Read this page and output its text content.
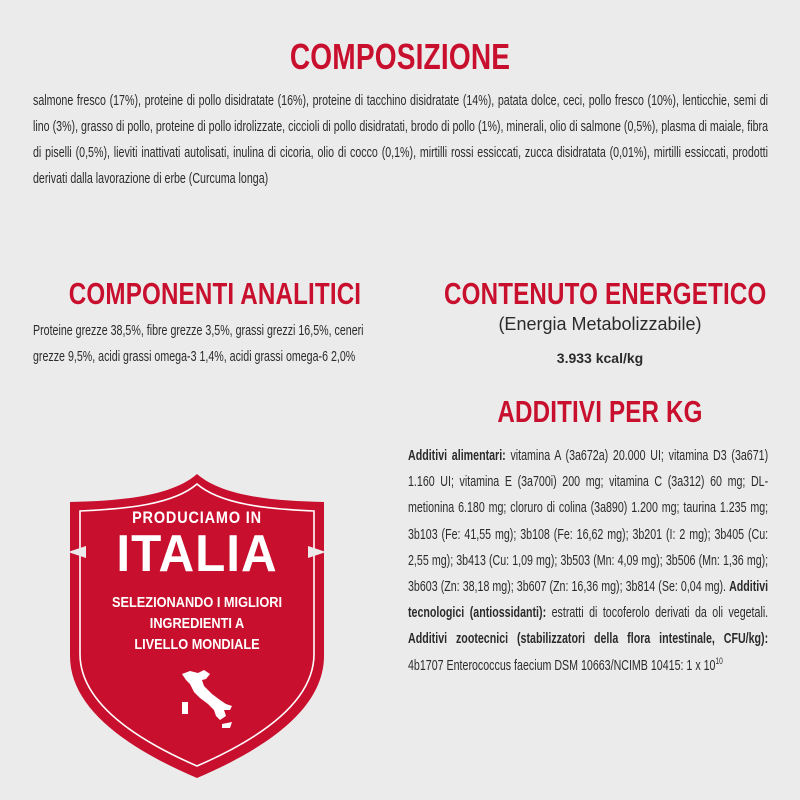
COMPOSIZIONE

salmone fresco (17%), proteine di pollo disidratate (16%), proteine di tacchino disidratate (14%), patata dolce, ceci, pollo fresco (10%), lenticchie, semi di lino (3%), grasso di pollo, proteine di pollo idrolizzate, ciccioli di pollo disidratati, brodo di pollo (1%), minerali, olio di salmone (0,5%), plasma di maiale, fibra di piselli (0,5%), lieviti inattivati autolisati, inulina di cicoria, olio di cocco (0,1%), mirtilli rossi essiccati, zucca disidratata (0,01%), mirtilli essiccati, prodotti derivati dalla lavorazione di erbe (Curcuma longa)

COMPONENTI ANALITICI

Proteine grezze 38,5%, fibre grezze 3,5%, grassi grezzi 16,5%, ceneri grezze 9,5%, acidi grassi omega-3 1,4%, acidi grassi omega-6 2,0%

CONTENUTO ENERGETICO
(Energia Metabolizzabile)
3.933 kcal/kg
ADDITIVI PER KG

Additivi alimentari: vitamina A (3a672a) 20.000 UI; vitamina D3 (3a671) 1.160 UI; vitamina E (3a700i) 200 mg; vitamina C (3a312) 60 mg; DL-metionina 6.180 mg; cloruro di colina (3a890) 1.200 mg; taurina 1.235 mg; 3b103 (Fe: 41,55 mg); 3b108 (Fe: 16,62 mg); 3b201 (I: 2 mg); 3b405 (Cu: 2,55 mg); 3b413 (Cu: 1,09 mg); 3b503 (Mn: 4,09 mg); 3b506 (Mn: 1,36 mg); 3b603 (Zn: 38,18 mg); 3b607 (Zn: 16,36 mg); 3b814 (Se: 0,04 mg). Additivi tecnologici (antiossidanti): estratti di tocoferolo derivati da oli vegetali. Additivi zootecnici (stabilizzatori della flora intestinale, CFU/kg): 4b1707 Enterococcus faecium DSM 10663/NCIMB 10415: 1 x $10^{10}$

PRODUCIAMO IN
ITALIA
SELEZIONANDO I MIGLIORI
INGREDIENTI A
LIVELLO MONDIALE
